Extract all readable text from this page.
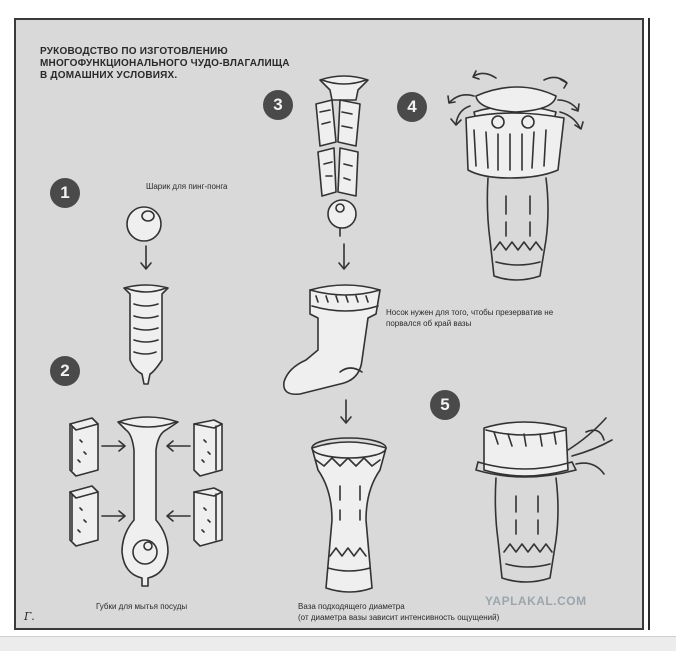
РУКОВОДСТВО ПО ИЗГОТОВЛЕНИЮ
МНОГОФУНКЦИОНАЛЬНОГО ЧУДО-ВЛАГАЛИЩА
В ДОМАШНИХ УСЛОВИЯХ.
1
2
3	4
5
Шарик для пинг-понга
Носок нужен для того, чтобы презерватив не
порвался об край вазы
Губки для мытья посуды	Ваза подходящего диаметра
(от диаметра вазы зависит интенсивность ощущений)
YAPLAKAL.COM
Г.
